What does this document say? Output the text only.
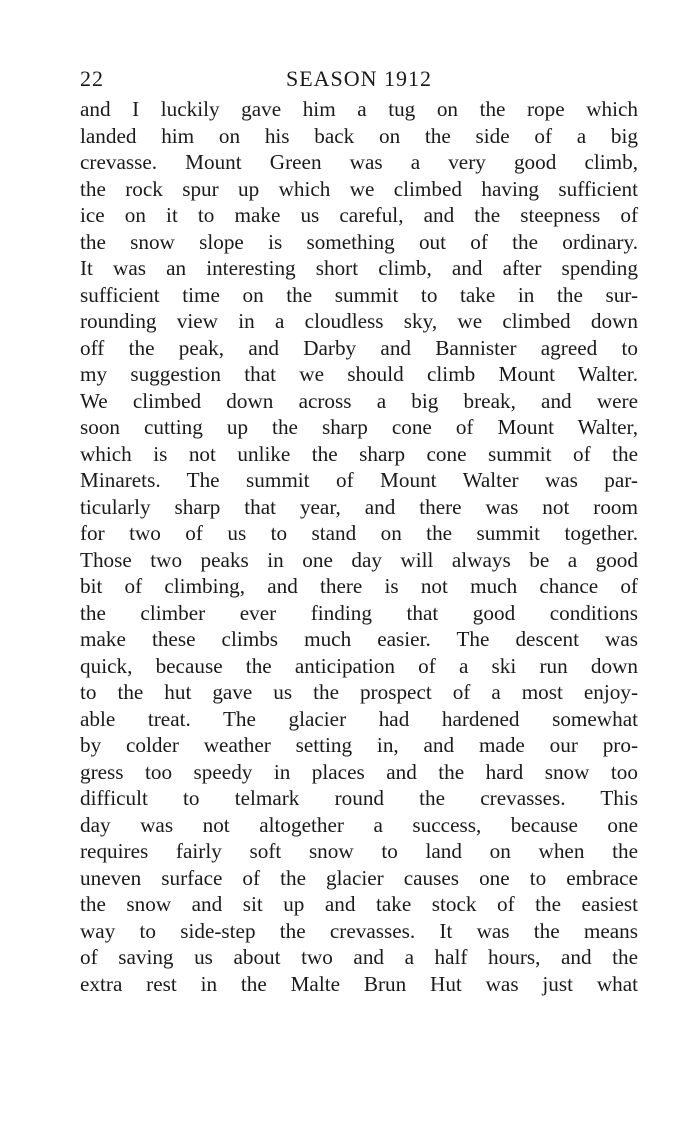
22	SEASON 1912
and I luckily gave him a tug on the rope which
landed him on his back on the side of a big
crevasse. Mount Green was a very good climb,
the rock spur up which we climbed having sufficient
ice on it to make us careful, and the steepness of
the snow slope is something out of the ordinary.
It was an interesting short climb, and after spending
sufficient time on the summit to take in the sur-
rounding view in a cloudless sky, we climbed down
off the peak, and Darby and Bannister agreed to
my suggestion that we should climb Mount Walter.
We climbed down across a big break, and were
soon cutting up the sharp cone of Mount Walter,
which is not unlike the sharp cone summit of the
Minarets. The summit of Mount Walter was par-
ticularly sharp that year, and there was not room
for two of us to stand on the summit together.
Those two peaks in one day will always be a good
bit of climbing, and there is not much chance of
the climber ever finding that good conditions
make these climbs much easier. The descent was
quick, because the anticipation of a ski run down
to the hut gave us the prospect of a most enjoy-
able treat. The glacier had hardened somewhat
by colder weather setting in, and made our pro-
gress too speedy in places and the hard snow too
difficult to telmark round the crevasses. This
day was not altogether a success, because one
requires fairly soft snow to land on when the
uneven surface of the glacier causes one to embrace
the snow and sit up and take stock of the easiest
way to side-step the crevasses. It was the means
of saving us about two and a half hours, and the
extra rest in the Malte Brun Hut was just what
